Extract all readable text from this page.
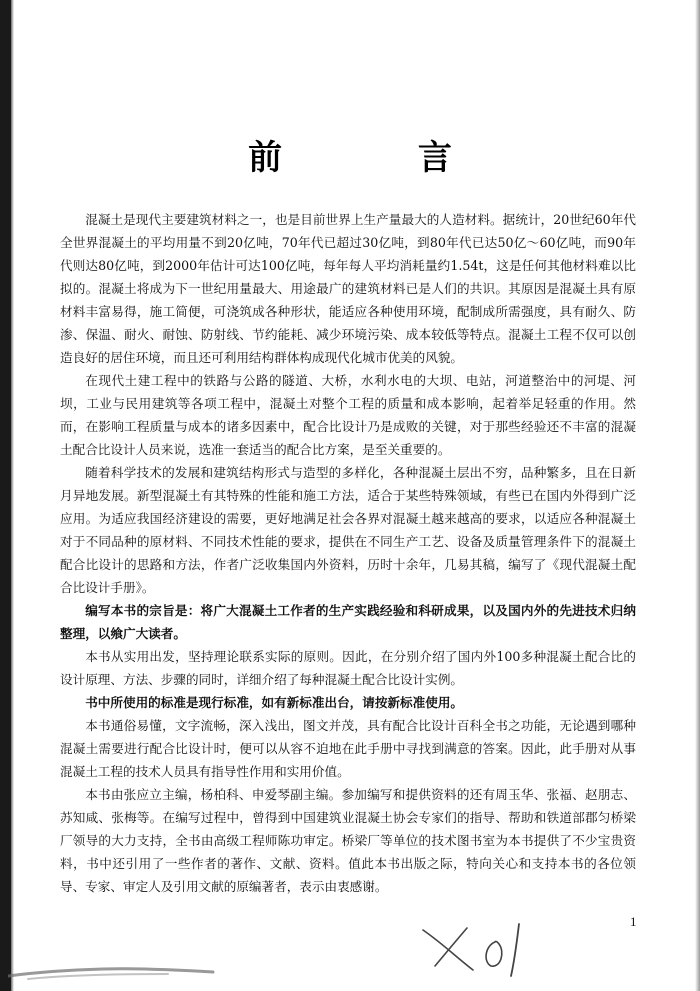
前 言

混凝土是现代主要建筑材料之一，也是目前世界上生产量最大的人造材料。据统计，20世纪60年代全世界混凝土的平均用量不到20亿吨，70年代已超过30亿吨，到80年代已达50亿～60亿吨，而90年代则达80亿吨，到2000年估计可达100亿吨，每年每人平均消耗量约1.54t，这是任何其他材料难以比拟的。混凝土将成为下一世纪用量最大、用途最广的建筑材料已是人们的共识。其原因是混凝土具有原材料丰富易得，施工简便，可浇筑成各种形状，能适应各种使用环境，配制成所需强度，具有耐久、防渗、保温、耐火、耐蚀、防射线、节约能耗、减少环境污染、成本较低等特点。混凝土工程不仅可以创造良好的居住环境，而且还可利用结构群体构成现代化城市优美的风貌。

在现代土建工程中的铁路与公路的隧道、大桥，水利水电的大坝、电站，河道整治中的河堤、河坝，工业与民用建筑等各项工程中，混凝土对整个工程的质量和成本影响，起着举足轻重的作用。然而，在影响工程质量与成本的诸多因素中，配合比设计乃是成败的关键，对于那些经验还不丰富的混凝土配合比设计人员来说，选准一套适当的配合比方案，是至关重要的。

随着科学技术的发展和建筑结构形式与造型的多样化，各种混凝土层出不穷，品种繁多，且在日新月异地发展。新型混凝土有其特殊的性能和施工方法，适合于某些特殊领域，有些已在国内外得到广泛应用。为适应我国经济建设的需要，更好地满足社会各界对混凝土越来越高的要求，以适应各种混凝土对于不同品种的原材料、不同技术性能的要求，提供在不同生产工艺、设备及质量管理条件下的混凝土配合比设计的思路和方法，作者广泛收集国内外资料，历时十余年，几易其稿，编写了《现代混凝土配合比设计手册》。

编写本书的宗旨是：将广大混凝土工作者的生产实践经验和科研成果，以及国内外的先进技术归纳整理，以飨广大读者。

本书从实用出发，坚持理论联系实际的原则。因此，在分别介绍了国内外100多种混凝土配合比的设计原理、方法、步骤的同时，详细介绍了每种混凝土配合比设计实例。

书中所使用的标准是现行标准，如有新标准出台，请按新标准使用。

本书通俗易懂，文字流畅，深入浅出，图文并茂，具有配合比设计百科全书之功能，无论遇到哪种混凝土需要进行配合比设计时，便可以从容不迫地在此手册中寻找到满意的答案。因此，此手册对从事混凝土工程的技术人员具有指导性作用和实用价值。

本书由张应立主编，杨柏科、申爱琴副主编。参加编写和提供资料的还有周玉华、张福、赵朋志、苏知咸、张梅等。在编写过程中，曾得到中国建筑业混凝土协会专家们的指导、帮助和铁道部郡匀桥梁厂领导的大力支持，全书由高级工程师陈功审定。桥梁厂等单位的技术图书室为本书提供了不少宝贵资料，书中还引用了一些作者的著作、文献、资料。值此本书出版之际，特向关心和支持本书的各位领导、专家、审定人及引用文献的原编著者，表示由衷感谢。

1
